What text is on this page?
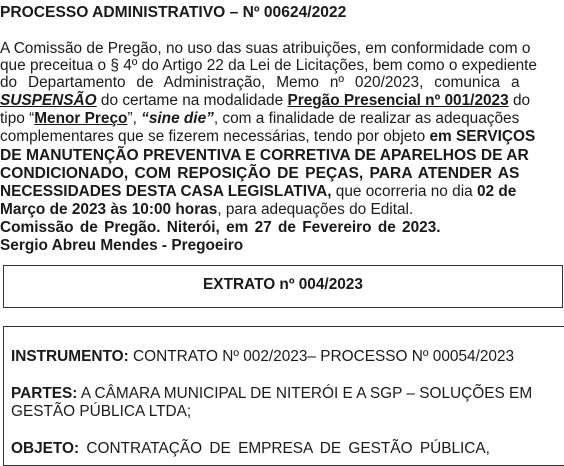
PROCESSO ADMINISTRATIVO – Nº 00624/2022
A Comissão de Pregão, no uso das suas atribuições, em conformidade com o
que preceitua o § 4º do Artigo 22 da Lei de Licitações, bem como o expediente
do Departamento de Administração, Memo nº 020/2023, comunica a
SUSPENSÃO do certame na modalidade Pregão Presencial nº 001/2023 do
tipo “Menor Preço”, “sine die”, com a finalidade de realizar as adequações
complementares que se fizerem necessárias, tendo por objeto em SERVIÇOS
DE MANUTENÇÃO PREVENTIVA E CORRETIVA DE APARELHOS DE AR
CONDICIONADO, COM REPOSIÇÃO DE PEÇAS, PARA ATENDER AS
NECESSIDADES DESTA CASA LEGISLATIVA, que ocorreria no dia 02 de
Março de 2023 às 10:00 horas, para adequações do Edital.
Comissão de Pregão. Niterói, em 27 de Fevereiro de 2023.
Sergio Abreu Mendes - Pregoeiro
EXTRATO nº 004/2023
INSTRUMENTO: CONTRATO Nº 002/2023– PROCESSO Nº 00054/2023
PARTES: A CÂMARA MUNICIPAL DE NITERÓI E A SGP – SOLUÇÕES EM
GESTÃO PÚBLICA LTDA;
OBJETO: CONTRATAÇÃO DE EMPRESA DE GESTÃO PÚBLICA,
